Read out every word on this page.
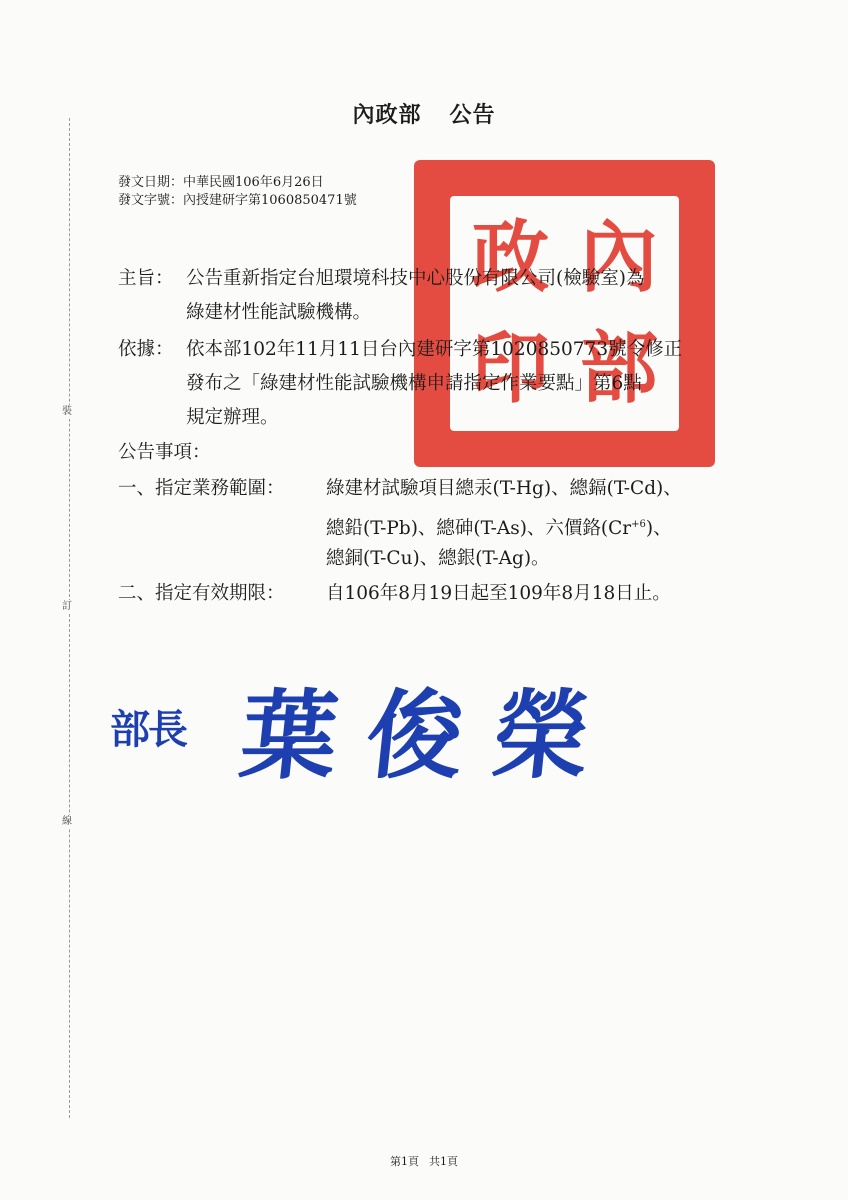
裝
訂
線
內政部 公告
發文日期：中華民國106年6月26日
發文字號：內授建研字第1060850471號
政 內
印 部
主旨： 公告重新指定台旭環境科技中心股份有限公司(檢驗室)為
綠建材性能試驗機構。
依據： 依本部102年11月11日台內建研字第1020850773號令修正
發布之「綠建材性能試驗機構申請指定作業要點」第6點
規定辦理。
公告事項：
一、指定業務範圍： 綠建材試驗項目總汞(T-Hg)、總鎘(T-Cd)、
總鉛(T-Pb)、總砷(T-As)、六價鉻$(Cr^{+6})$、
總銅(T-Cu)、總銀(T-Ag)。
二、指定有效期限： 自106年8月19日起至109年8月18日止。
部長 葉俊榮
第1頁 共1頁
